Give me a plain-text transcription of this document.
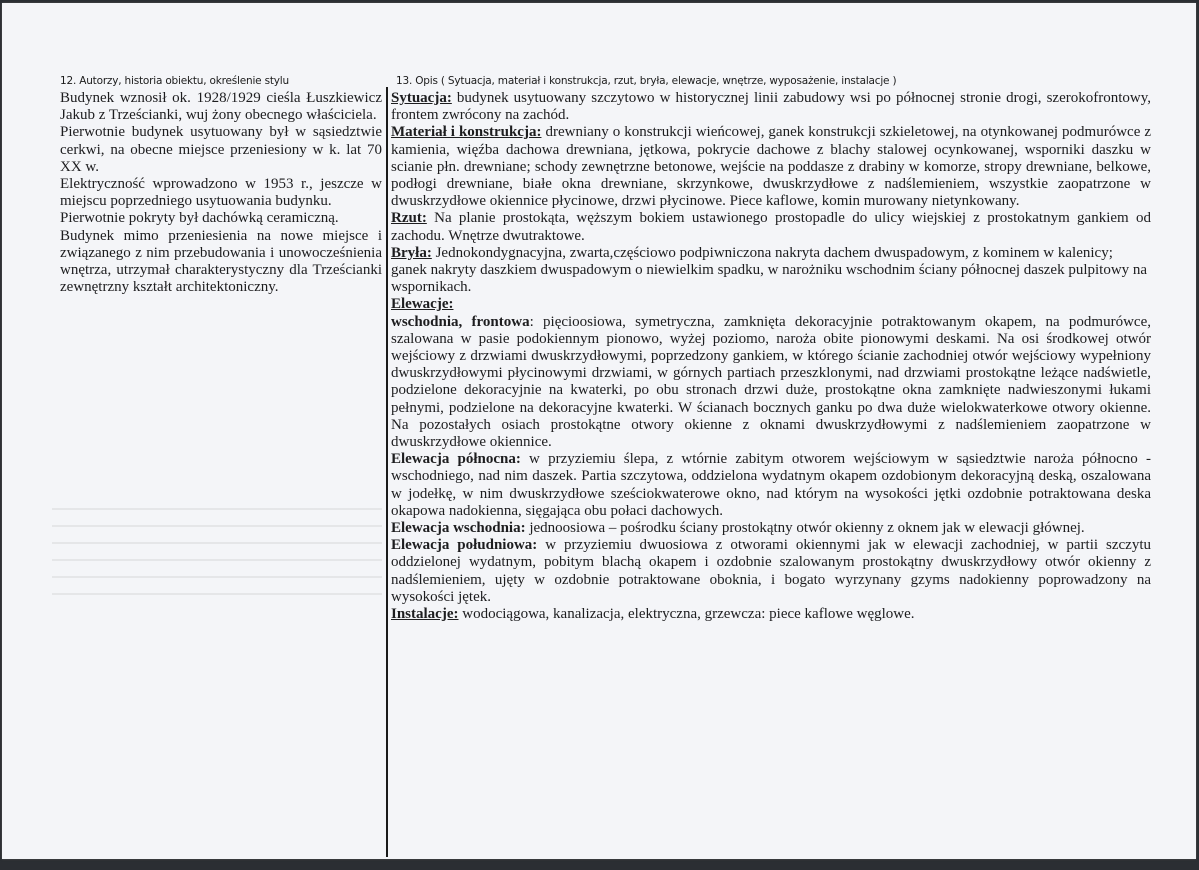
12. Autorzy, historia obiektu, określenie stylu	13. Opis ( Sytuacja, materiał i konstrukcja, rzut, bryła, elewacje, wnętrze, wyposażenie, instalacje )

Budynek wznosił ok. 1928/1929 cieśla Łuszkiewicz Jakub z Trześcianki, wuj żony obecnego właściciela.

Pierwotnie budynek usytuowany był w sąsiedztwie cerkwi, na obecne miejsce przeniesiony w k. lat 70 XX w.

Elektryczność wprowadzono w 1953 r., jeszcze w miejscu poprzedniego usytuowania budynku.

Pierwotnie pokryty był dachówką ceramiczną.

Budynek mimo przeniesienia na nowe miejsce i związanego z nim przebudowania i unowocześnienia wnętrza, utrzymał charakterystyczny dla Trześcianki zewnętrzny kształt architektoniczny.

Sytuacja: budynek usytuowany szczytowo w historycznej linii zabudowy wsi po północnej stronie drogi, szerokofrontowy, frontem zwrócony na zachód.

Materiał i konstrukcja: drewniany o konstrukcji wieńcowej, ganek konstrukcji szkieletowej, na otynkowanej podmurówce z kamienia, więźba dachowa drewniana, jętkowa, pokrycie dachowe z blachy stalowej ocynkowanej, wsporniki daszku w scianie płn. drewniane; schody zewnętrzne betonowe, wejście na poddasze z drabiny w komorze, stropy drewniane, belkowe, podłogi drewniane, białe okna drewniane, skrzynkowe, dwuskrzydłowe z nadślemieniem, wszystkie zaopatrzone w dwuskrzydłowe okiennice płycinowe, drzwi płycinowe. Piece kaflowe, komin murowany nietynkowany.

Rzut: Na planie prostokąta, węższym bokiem ustawionego prostopadle do ulicy wiejskiej z prostokatnym gankiem od zachodu. Wnętrze dwutraktowe.

Bryła: Jednokondygnacyjna, zwarta,częściowo podpiwniczona nakryta dachem dwuspadowym, z kominem w kalenicy; ganek nakryty daszkiem dwuspadowym o niewielkim spadku, w narożniku wschodnim ściany północnej daszek pulpitowy na wspornikach.

Elewacje:

wschodnia, frontowa: pięcioosiowa, symetryczna, zamknięta dekoracyjnie potraktowanym okapem, na podmurówce, szalowana w pasie podokiennym pionowo, wyżej poziomo, naroża obite pionowymi deskami. Na osi środkowej otwór wejściowy z drzwiami dwuskrzydłowymi, poprzedzony gankiem, w którego ścianie zachodniej otwór wejściowy wypełniony dwuskrzydłowymi płycinowymi drzwiami, w górnych partiach przeszklonymi, nad drzwiami prostokątne leżące nadświetle, podzielone dekoracyjnie na kwaterki, po obu stronach drzwi duże, prostokątne okna zamknięte nadwieszonymi łukami pełnymi, podzielone na dekoracyjne kwaterki. W ścianach bocznych ganku po dwa duże wielokwaterkowe otwory okienne. Na pozostałych osiach prostokątne otwory okienne z oknami dwuskrzydłowymi z nadślemieniem zaopatrzone w dwuskrzydłowe okiennice.

Elewacja północna: w przyziemiu ślepa, z wtórnie zabitym otworem wejściowym w sąsiedztwie naroża północno - wschodniego, nad nim daszek. Partia szczytowa, oddzielona wydatnym okapem ozdobionym dekoracyjną deską, oszalowana w jodełkę, w nim dwuskrzydłowe sześciokwaterowe okno, nad którym na wysokości jętki ozdobnie potraktowana deska okapowa nadokienna, sięgająca obu połaci dachowych.

Elewacja wschodnia: jednoosiowa – pośrodku ściany prostokątny otwór okienny z oknem jak w elewacji głównej.

Elewacja południowa: w przyziemiu dwuosiowa z otworami okiennymi jak w elewacji zachodniej, w partii szczytu oddzielonej wydatnym, pobitym blachą okapem i ozdobnie szalowanym prostokątny dwuskrzydłowy otwór okienny z nadślemieniem, ujęty w ozdobnie potraktowane oboknia, i bogato wyrzynany gzyms nadokienny poprowadzony na wysokości jętek.

Instalacje: wodociągowa, kanalizacja, elektryczna, grzewcza: piece kaflowe węglowe.
